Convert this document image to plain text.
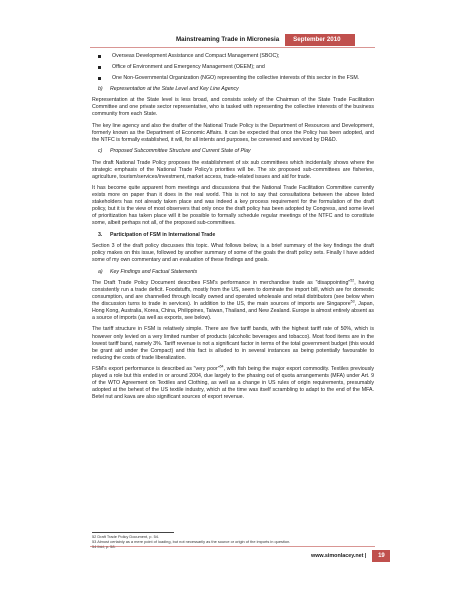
Mainstreaming Trade in Micronesia	September 2010
Overseas Development Assistance and Compact Management (SBOC);
Office of Environment and Emergency Management (OEEM); and
One Non-Governmental Organization (NGO) representing the collective interests of this sector in the FSM.
b) Representation at the State Level and Key Line Agency

Representation at the State level is less broad, and consists solely of the Chairman of the State Trade Facilitation Committee and one private sector representative, who is tasked with representing the collective interests of the business community from each State.

The key line agency and also the drafter of the National Trade Policy is the Department of Resources and Development, formerly known as the Department of Economic Affairs. It can be expected that once the Policy has been adopted, and the NTFC is formally established, it will, for all intents and purposes, be convened and serviced by DR&D.

c) Proposed Subcommittee Structure and Current State of Play

The draft National Trade Policy proposes the establishment of six sub committees which incidentally shows where the strategic emphasis of the National Trade Policy's priorities will be. The six proposed sub-committees are fisheries, agriculture, tourism/services/investment, market access, trade-related issues and aid for trade.

It has become quite apparent from meetings and discussions that the National Trade Facilitation Committee currently exists more on paper than it does in the real world. This is not to say that consultations between the above listed stakeholders has not already taken place and was indeed a key process requirement for the formulation of the draft policy, but it is the view of most observers that only once the draft policy has been adopted by Congress, and some level of prioritization has taken place will it be possible to formally schedule regular meetings of the NTFC and to constitute some, albeit perhaps not all, of the proposed sub-committees.

3. Participation of FSM in International Trade

Section 3 of the draft policy discusses this topic. What follows below, is a brief summary of the key findings the draft policy makes on this issue, followed by another summary of some of the goals the draft policy sets. Finally I have added some of my own commentary and an evaluation of these findings and goals.

a) Key Findings and Factual Statements

The Draft Trade Policy Document describes FSM's performance in merchandise trade as "disappointing"$^{52}$, having consistently run a trade deficit. Foodstuffs, mostly from the US, seem to dominate the import bill, which are for domestic consumption, and are channelled through locally owned and operated wholesale and retail distributors (see below when the discussion turns to trade in services). In addition to the US, the main sources of imports are Singapore$^{53}$, Japan, Hong Kong, Australia, Korea, China, Philippines, Taiwan, Thailand, and New Zealand. Europe is almost entirely absent as a source of imports (as well as exports, see below).

The tariff structure in FSM is relatively simple. There are five tariff bands, with the highest tariff rate of 50%, which is however only levied on a very limited number of products (alcoholic beverages and tobacco). Most food items are in the lowest tariff band, namely 3%. Tariff revenue is not a significant factor in terms of the total government budget (this would be grant aid under the Compact) and this fact is alluded to in several instances as being potentially favourable to reducing the costs of trade liberalization.

FSM's export performance is described as "very poor"$^{54}$, with fish being the major export commodity. Textiles previously played a role but this ended in or around 2004, due largely to the phasing out of quota arrangements (MFA) under Art. 9 of the WTO Agreement on Textiles and Clothing, as well as a change in US rules of origin requirements, presumably adopted at the behest of the US textile industry, which at the time was itself scrambling to adapt to the end of the MFA. Betel nut and kava are also significant sources of export revenue.

52 Draft Trade Policy Document, p. 54.
53 Almost certainly as a mere point of loading, but not necessarily as the source or origin of the imports in question.
www.simonlacey.net |	19
